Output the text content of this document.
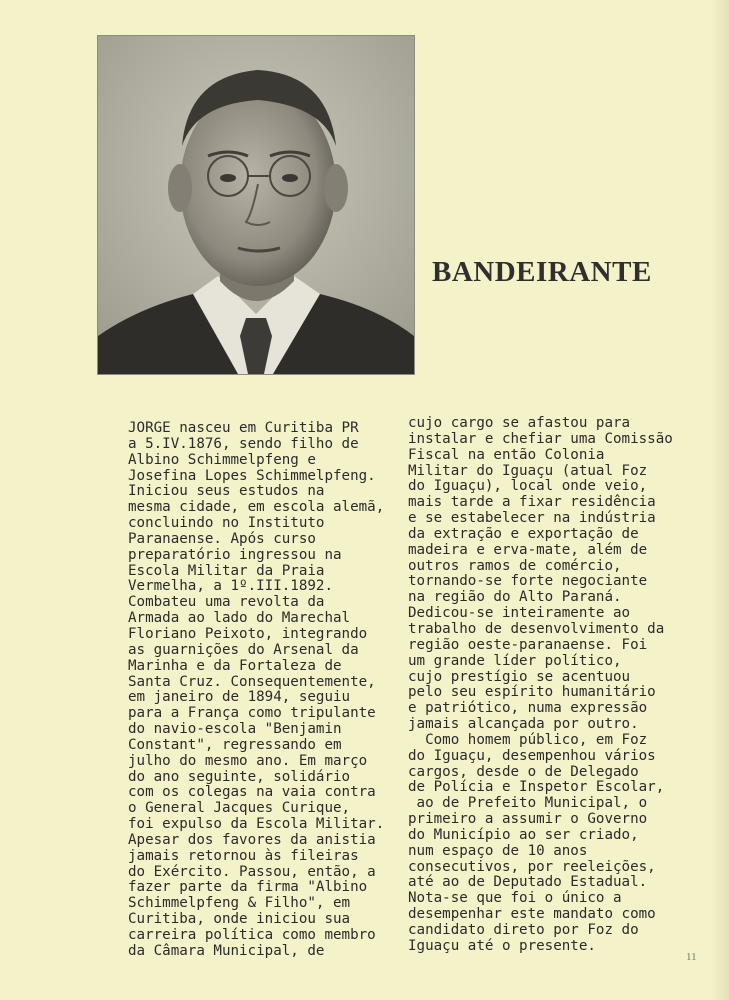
BANDEIRANTE
JORGE nasceu em Curitiba PR
a 5.IV.1876, sendo filho de
Albino Schimmelpfeng e
Josefina Lopes Schimmelpfeng.
Iniciou seus estudos na
mesma cidade, em escola alemã,
concluindo no Instituto
Paranaense. Após curso
preparatório ingressou na
Escola Militar da Praia
Vermelha, a 1º.III.1892.
Combateu uma revolta da
Armada ao lado do Marechal
Floriano Peixoto, integrando
as guarnições do Arsenal da
Marinha e da Fortaleza de
Santa Cruz. Consequentemente,
em janeiro de 1894, seguiu
para a França como tripulante
do navio-escola "Benjamin
Constant", regressando em
julho do mesmo ano. Em março
do ano seguinte, solidário
com os colegas na vaia contra
o General Jacques Curique,
foi expulso da Escola Militar.
Apesar dos favores da anistia
jamais retornou às fileiras
do Exército. Passou, então, a
fazer parte da firma "Albino
Schimmelpfeng & Filho", em
Curitiba, onde iniciou sua
carreira política como membro
da Câmara Municipal, de
cujo cargo se afastou para
instalar e chefiar uma Comissão
Fiscal na então Colonia
Militar do Iguaçu (atual Foz
do Iguaçu), local onde veio,
mais tarde a fixar residência
e se estabelecer na indústria
da extração e exportação de
madeira e erva-mate, além de
outros ramos de comércio,
tornando-se forte negociante
na região do Alto Paraná.
Dedicou-se inteiramente ao
trabalho de desenvolvimento da
região oeste-paranaense. Foi
um grande líder político,
cujo prestígio se acentuou
pelo seu espírito humanitário
e patriótico, numa expressão
jamais alcançada por outro.
Como homem público, em Foz
do Iguaçu, desempenhou vários
cargos, desde o de Delegado
de Polícia e Inspetor Escolar,
ao de Prefeito Municipal, o
primeiro a assumir o Governo
do Município ao ser criado,
num espaço de 10 anos
consecutivos, por reeleições,
até ao de Deputado Estadual.
Nota-se que foi o único a
desempenhar este mandato como
candidato direto por Foz do
Iguaçu até o presente.
11
